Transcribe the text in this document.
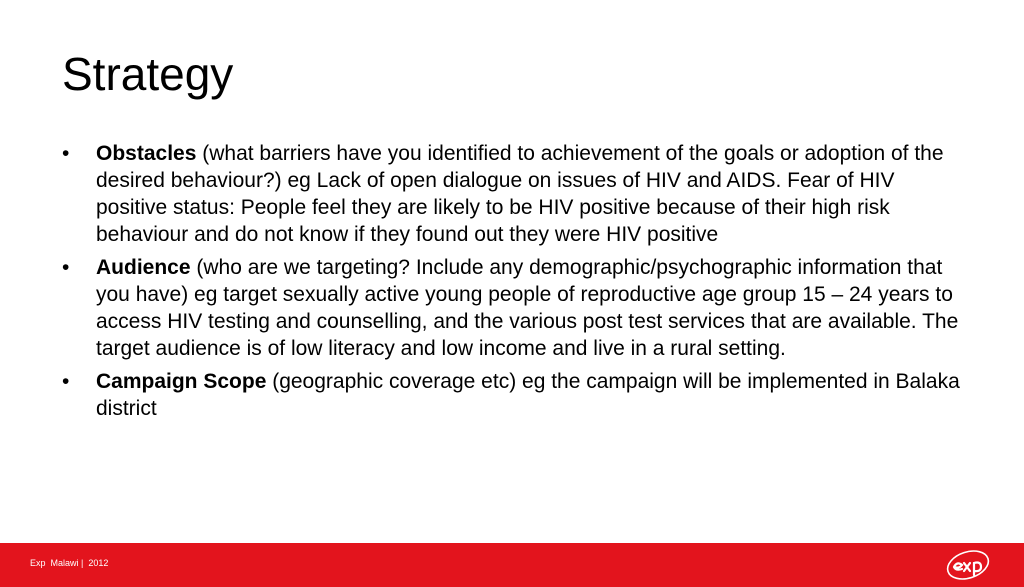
Strategy
•	Obstacles (what barriers have you identified to achievement of the goals or adoption of the desired behaviour?) eg Lack of open dialogue on issues of HIV and AIDS. Fear of HIV positive status: People feel they are likely to be HIV positive because of their high risk behaviour and do not know if they found out they were HIV positive
•	Audience (who are we targeting? Include any demographic/psychographic information that you have) eg target sexually active young people of reproductive age group 15 – 24 years to access HIV testing and counselling, and the various post test services that are available. The target audience is of low literacy and low income and live in a rural setting.
•	Campaign Scope (geographic coverage etc) eg the campaign will be implemented in Balaka district
Exp  Malawi |  2012
